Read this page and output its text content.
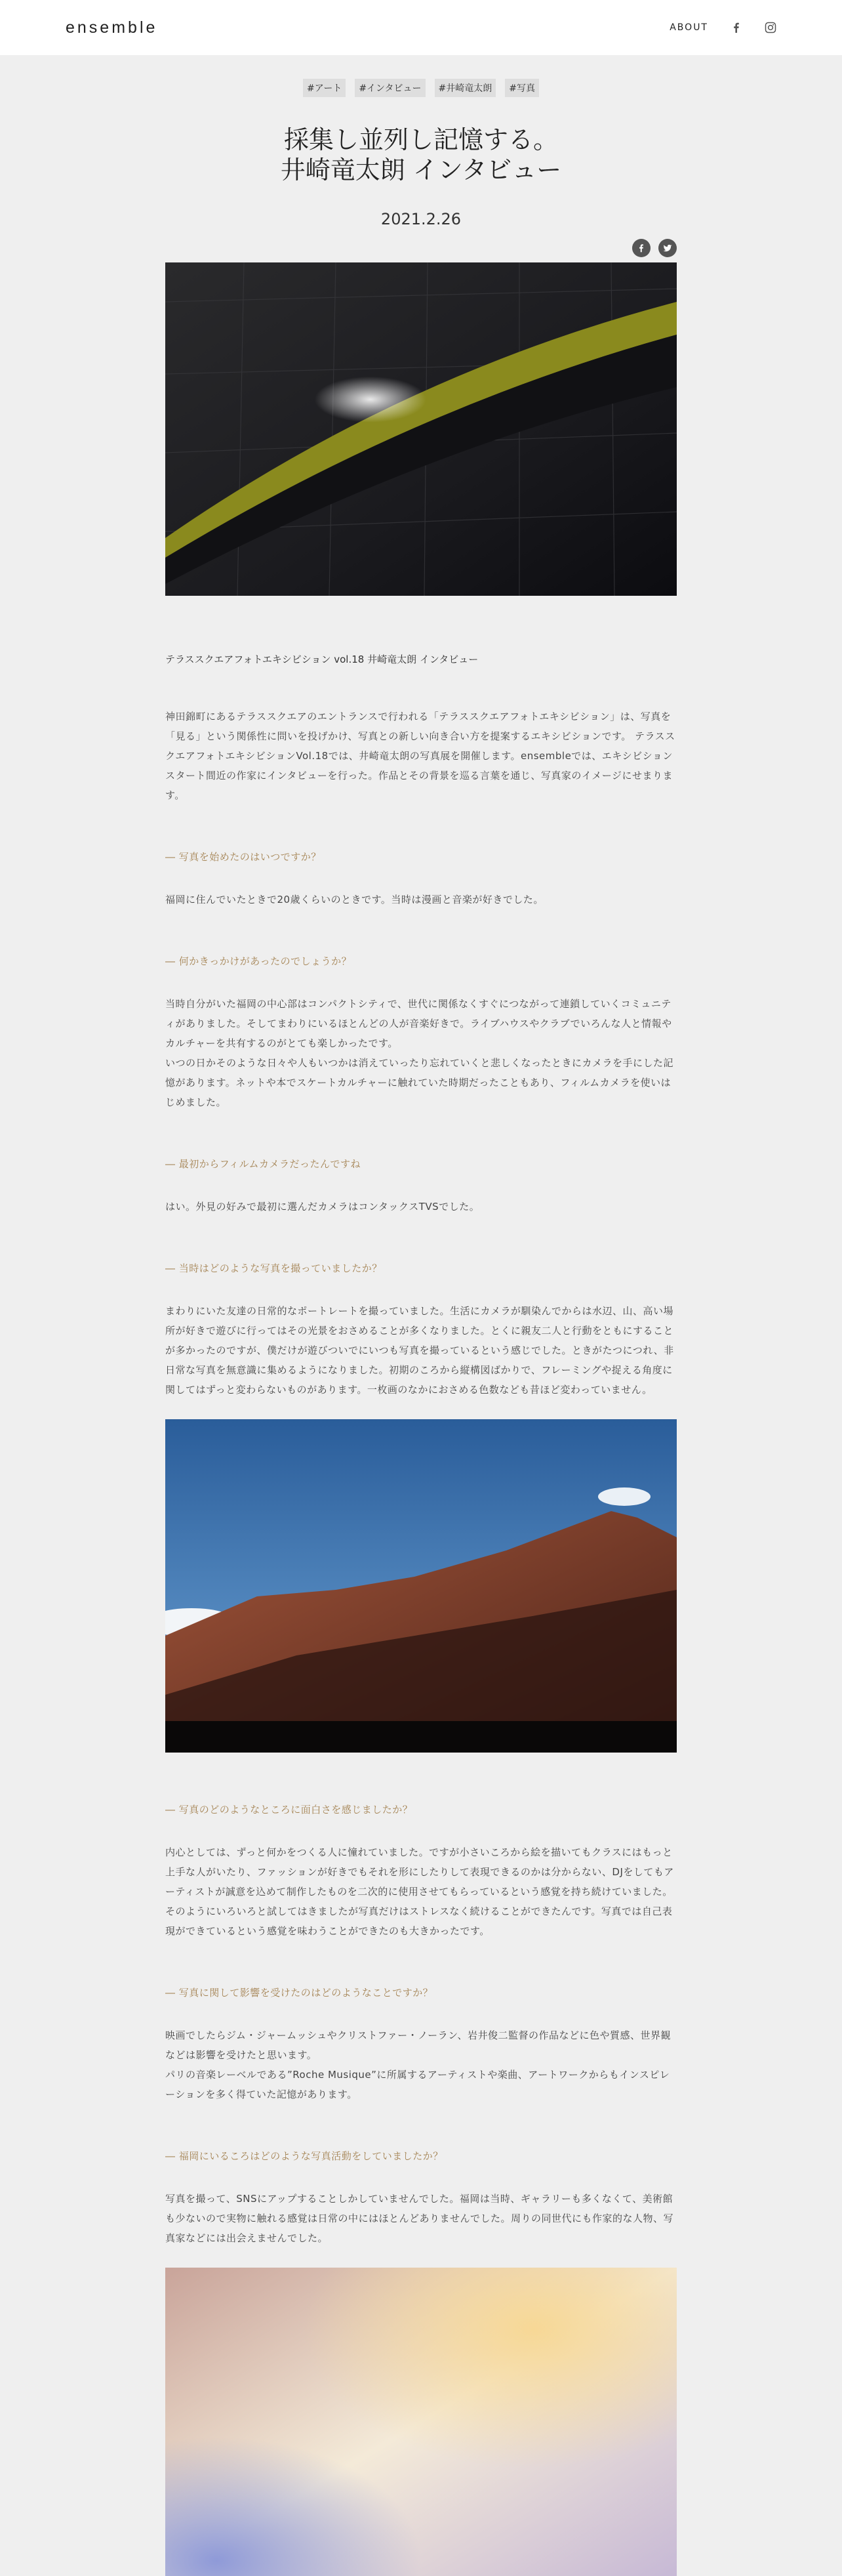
ensemble	ABOUT
#アート	#インタビュー	#井崎竜太朗	#写真
採集し並列し記憶する。
井崎竜太朗 インタビュー
2021.2.26
テラススクエアフォトエキシビション vol.18 井崎竜太朗 インタビュー

神田錦町にあるテラススクエアのエントランスで行われる「テラススクエアフォトエキシビション」は、写真を「見る」という関係性に問いを投げかけ、写真との新しい向き合い方を提案するエキシビションです。 テラススクエアフォトエキシビションVol.18では、井崎竜太朗の写真展を開催します。ensembleでは、エキシビションスタート間近の作家にインタビューを行った。作品とその背景を巡る言葉を通じ、写真家のイメージにせまります。

― 写真を始めたのはいつですか？

福岡に住んでいたときで20歳くらいのときです。当時は漫画と音楽が好きでした。

― 何かきっかけがあったのでしょうか？

当時自分がいた福岡の中心部はコンパクトシティで、世代に関係なくすぐにつながって連鎖していくコミュニティがありました。そしてまわりにいるほとんどの人が音楽好きで。ライブハウスやクラブでいろんな人と情報やカルチャーを共有するのがとても楽しかったです。
いつの日かそのような日々や人もいつかは消えていったり忘れていくと悲しくなったときにカメラを手にした記憶があります。ネットや本でスケートカルチャーに触れていた時期だったこともあり、フィルムカメラを使いはじめました。

― 最初からフィルムカメラだったんですね

はい。外見の好みで最初に選んだカメラはコンタックスTVSでした。

― 当時はどのような写真を撮っていましたか？

まわりにいた友達の日常的なポートレートを撮っていました。生活にカメラが馴染んでからは水辺、山、高い場所が好きで遊びに行ってはその光景をおさめることが多くなりました。とくに親友二人と行動をともにすることが多かったのですが、僕だけが遊びついでにいつも写真を撮っているという感じでした。ときがたつにつれ、非日常な写真を無意識に集めるようになりました。初期のころから縦構図ばかりで、フレーミングや捉える角度に関してはずっと変わらないものがあります。一枚画のなかにおさめる色数なども昔ほど変わっていません。

― 写真のどのようなところに面白さを感じましたか？

内心としては、ずっと何かをつくる人に憧れていました。ですが小さいころから絵を描いてもクラスにはもっと上手な人がいたり、ファッションが好きでもそれを形にしたりして表現できるのかは分からない、DJをしてもアーティストが誠意を込めて制作したものを二次的に使用させてもらっているという感覚を持ち続けていました。そのようにいろいろと試してはきましたが写真だけはストレスなく続けることができたんです。写真では自己表現ができているという感覚を味わうことができたのも大きかったです。

― 写真に関して影響を受けたのはどのようなことですか？

映画でしたらジム・ジャームッシュやクリストファー・ノーラン、岩井俊二監督の作品などに色や質感、世界観などは影響を受けたと思います。
パリの音楽レーベルである”Roche Musique”に所属するアーティストや楽曲、アートワークからもインスピレーションを多く得ていた記憶があります。

― 福岡にいるころはどのような写真活動をしていましたか？

写真を撮って、SNSにアップすることしかしていませんでした。福岡は当時、ギャラリーも多くなくて、美術館も少ないので実物に触れる感覚は日常の中にはほとんどありませんでした。周りの同世代にも作家的な人物、写真家などには出会えませんでした。
